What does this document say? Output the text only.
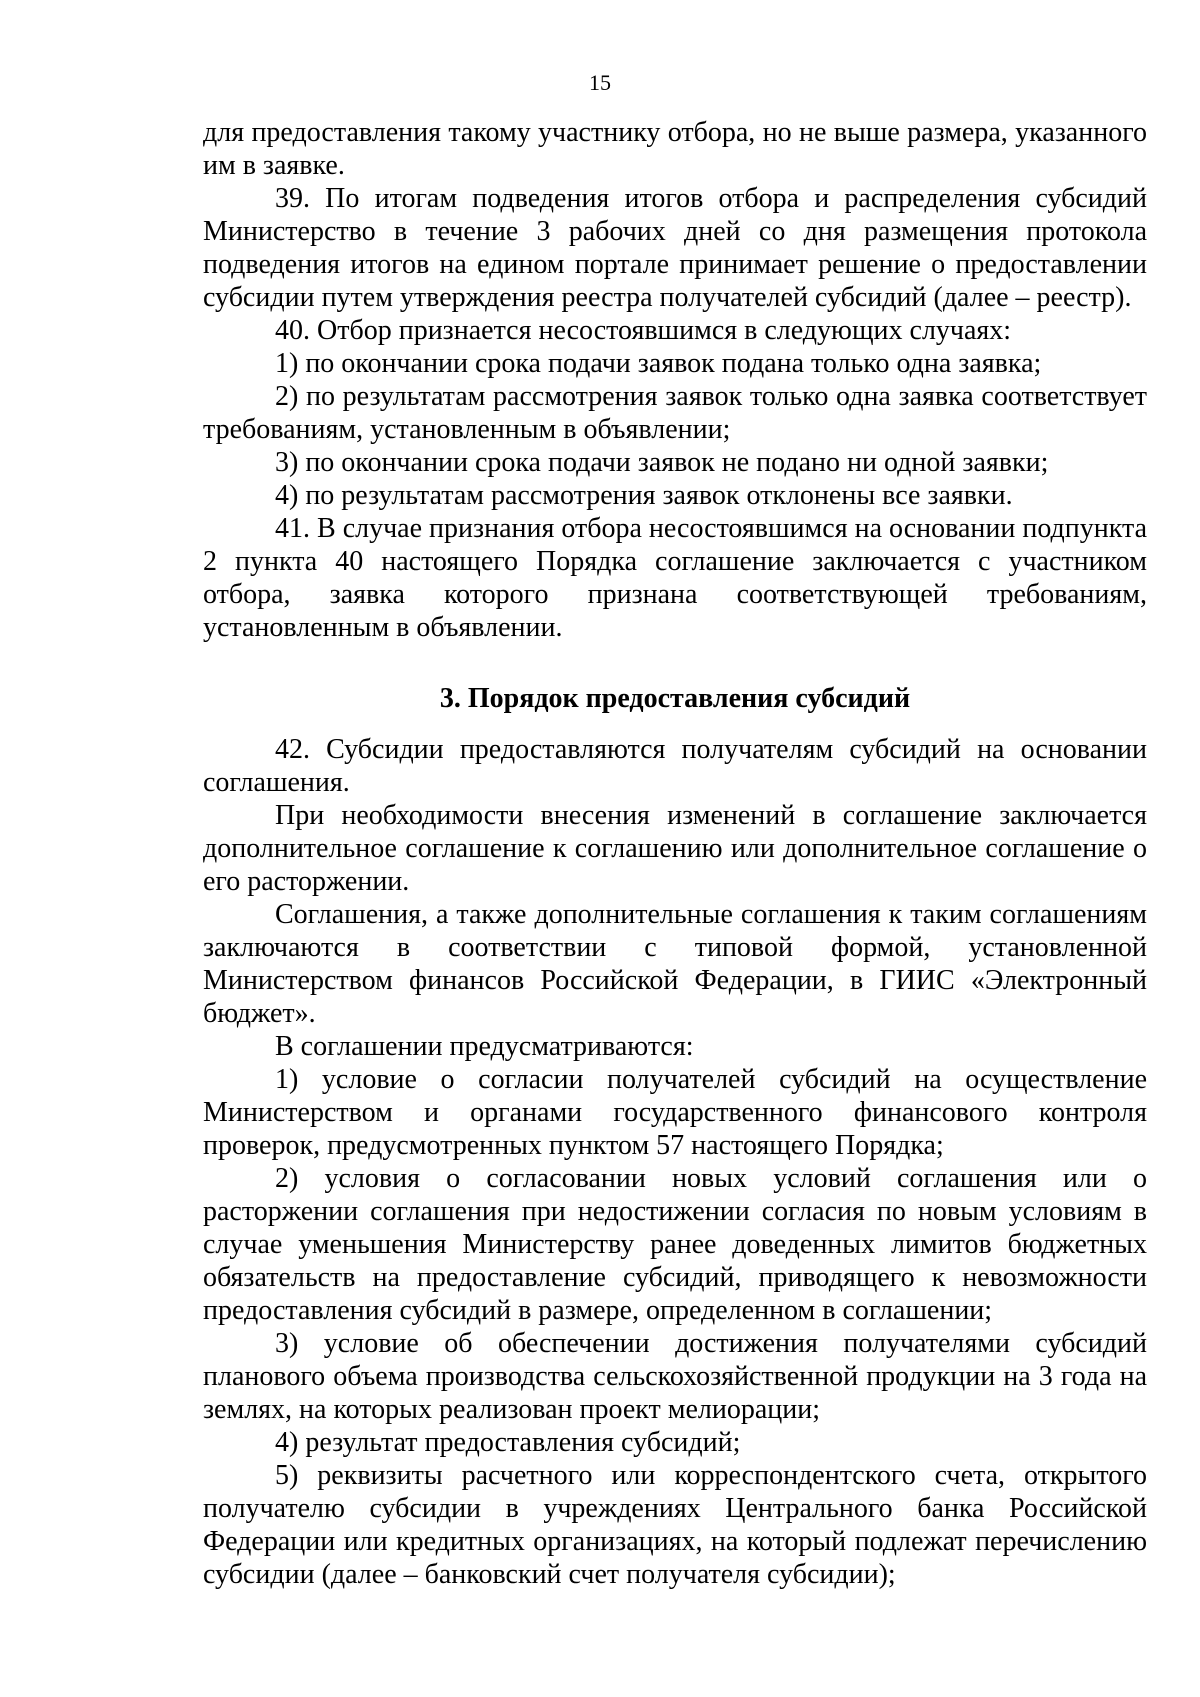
15

для предоставления такому участнику отбора, но не выше размера, указанного им в заявке.

39. По итогам подведения итогов отбора и распределения субсидий Министерство в течение 3 рабочих дней со дня размещения протокола подведения итогов на едином портале принимает решение о предоставлении субсидии путем утверждения реестра получателей субсидий (далее – реестр).

40. Отбор признается несостоявшимся в следующих случаях:

1) по окончании срока подачи заявок подана только одна заявка;

2) по результатам рассмотрения заявок только одна заявка соответствует требованиям, установленным в объявлении;

3) по окончании срока подачи заявок не подано ни одной заявки;

4) по результатам рассмотрения заявок отклонены все заявки.

41. В случае признания отбора несостоявшимся на основании подпункта 2 пункта 40 настоящего Порядка соглашение заключается с участником отбора, заявка которого признана соответствующей требованиям, установленным в объявлении.

3. Порядок предоставления субсидий

42. Субсидии предоставляются получателям субсидий на основании соглашения.

При необходимости внесения изменений в соглашение заключается дополнительное соглашение к соглашению или дополнительное соглашение о его расторжении.

Соглашения, а также дополнительные соглашения к таким соглашениям заключаются в соответствии с типовой формой, установленной Министерством финансов Российской Федерации, в ГИИС «Электронный бюджет».

В соглашении предусматриваются:

1) условие о согласии получателей субсидий на осуществление Министерством и органами государственного финансового контроля проверок, предусмотренных пунктом 57 настоящего Порядка;

2) условия о согласовании новых условий соглашения или о расторжении соглашения при недостижении согласия по новым условиям в случае уменьшения Министерству ранее доведенных лимитов бюджетных обязательств на предоставление субсидий, приводящего к невозможности предоставления субсидий в размере, определенном в соглашении;

3) условие об обеспечении достижения получателями субсидий планового объема производства сельскохозяйственной продукции на 3 года на землях, на которых реализован проект мелиорации;

4) результат предоставления субсидий;

5) реквизиты расчетного или корреспондентского счета, открытого получателю субсидии в учреждениях Центрального банка Российской Федерации или кредитных организациях, на который подлежат перечислению субсидии (далее – банковский счет получателя субсидии);
